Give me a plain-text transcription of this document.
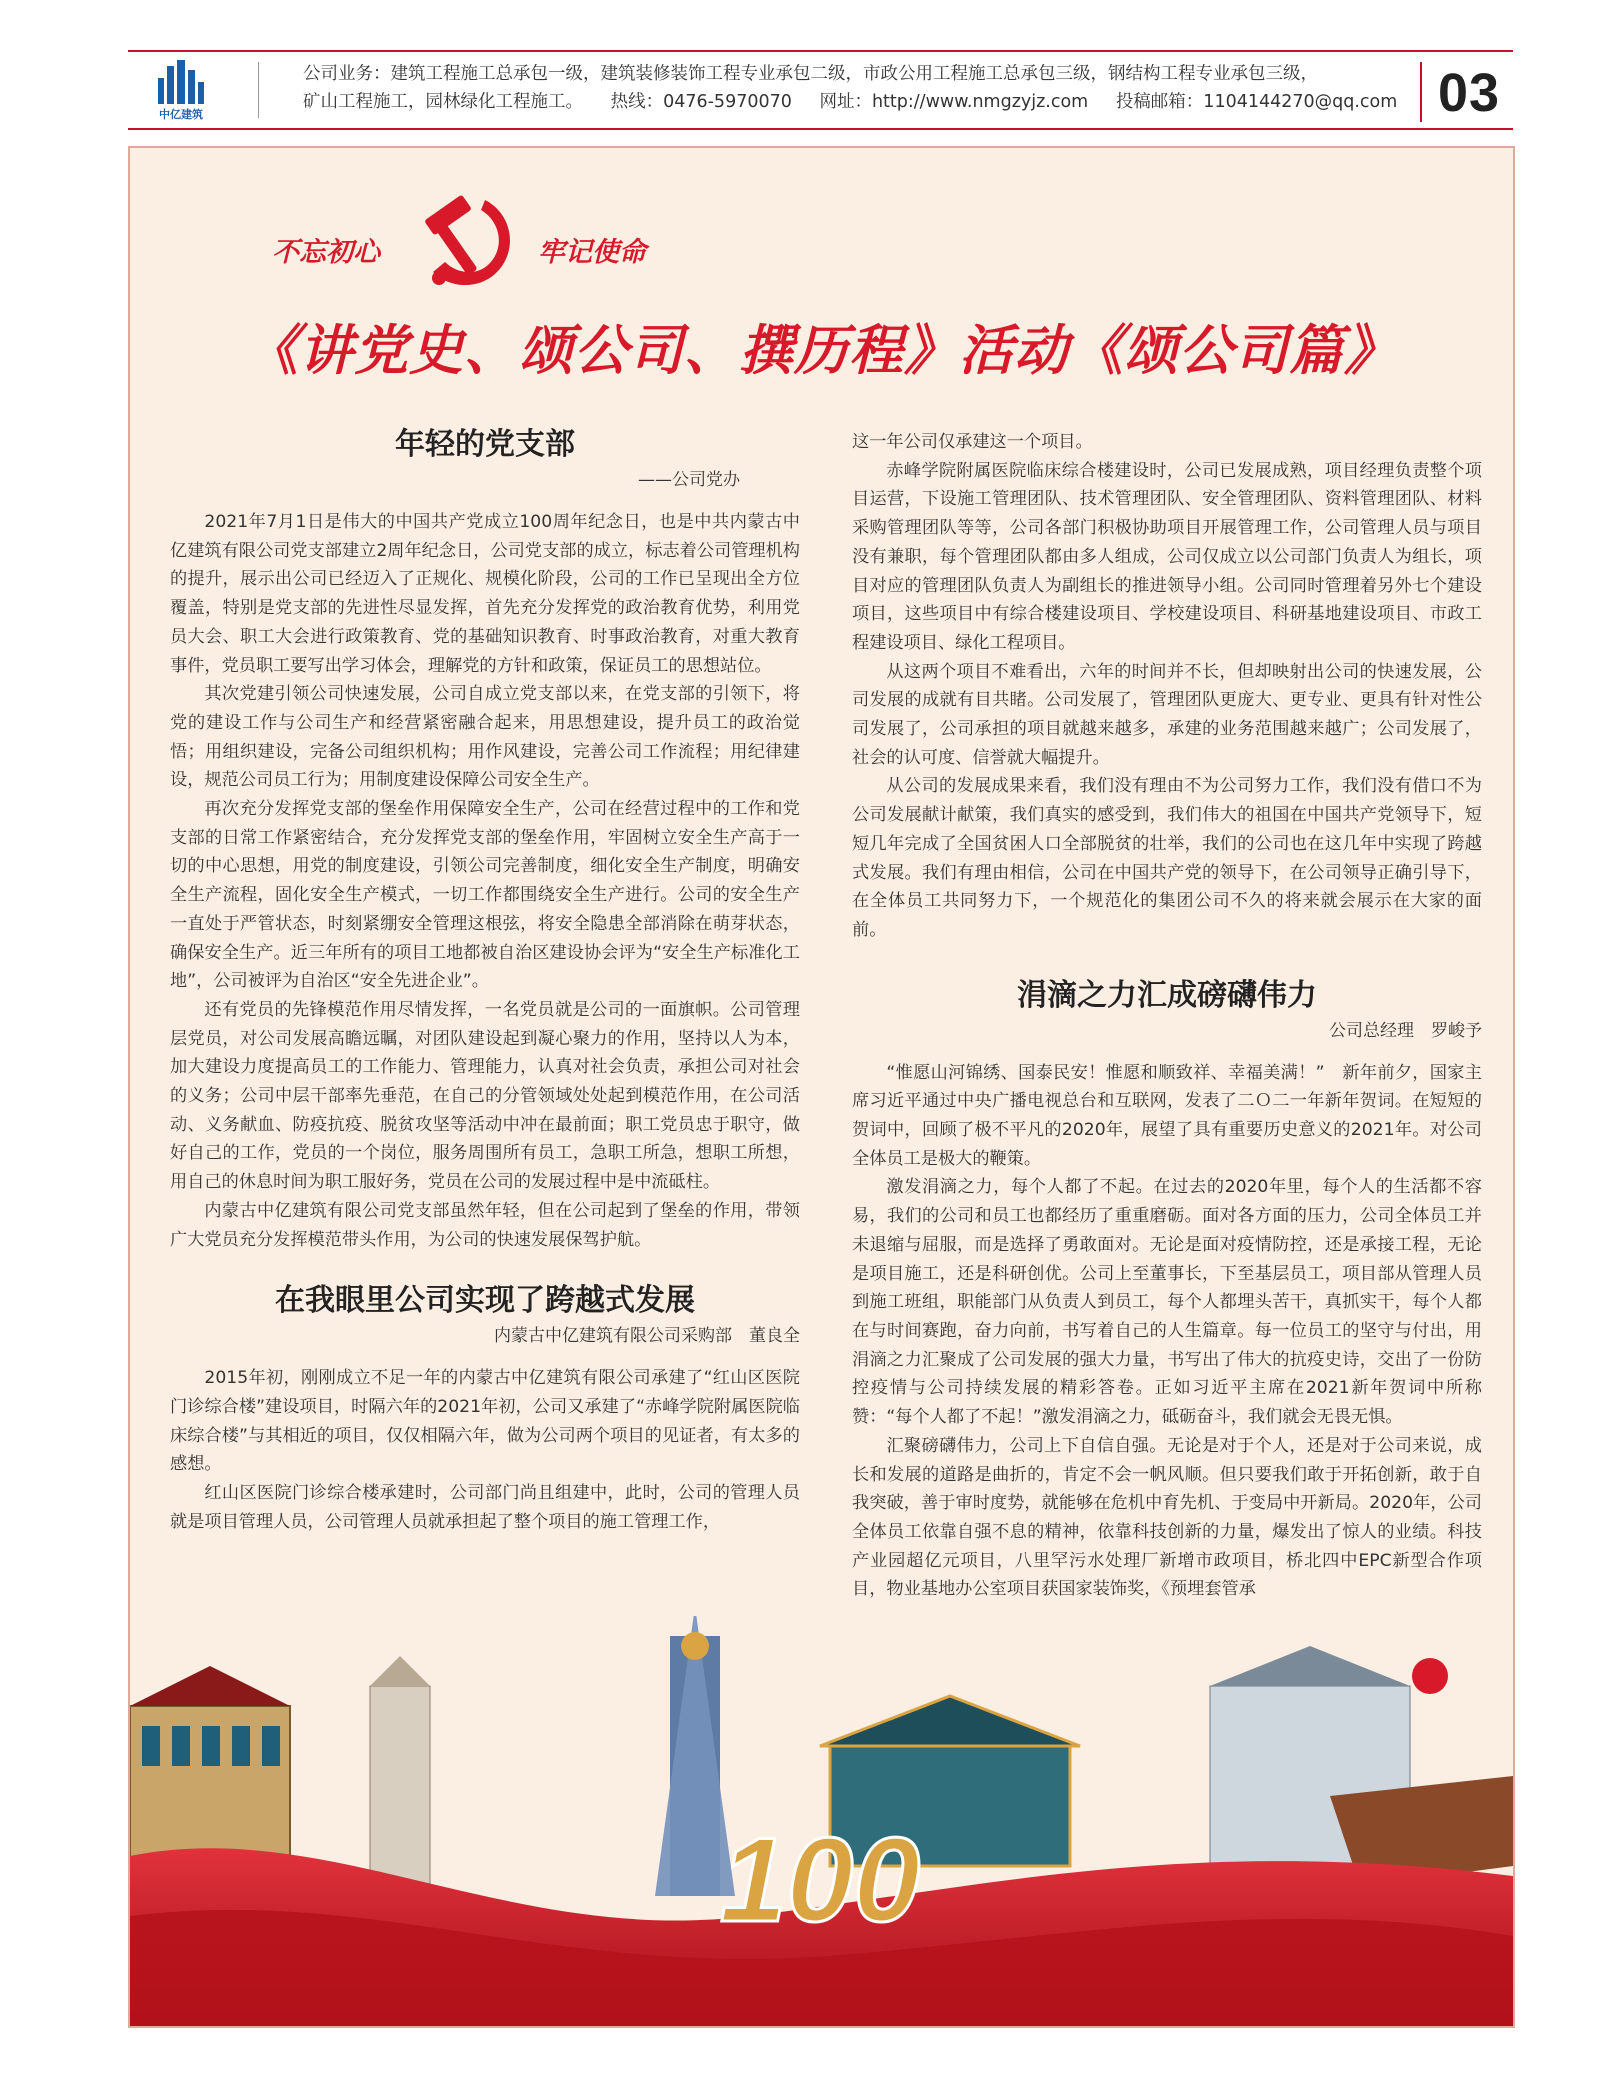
中亿建筑
公司业务：建筑工程施工总承包一级，建筑装修装饰工程专业承包二级，市政公用工程施工总承包三级，钢结构工程专业承包三级，
矿山工程施工，园林绿化工程施工。 热线：0476-5970070 网址：http://www.nmgzyjz.com 投稿邮箱：1104144270@qq.com 03
不忘初心	牢记使命
《讲党史、颂公司、撰历程》活动《颂公司篇》
年轻的党支部
——公司党办

2021年7月1日是伟大的中国共产党成立100周年纪念日，也是中共内蒙古中亿建筑有限公司党支部建立2周年纪念日，公司党支部的成立，标志着公司管理机构的提升，展示出公司已经迈入了正规化、规模化阶段，公司的工作已呈现出全方位覆盖，特别是党支部的先进性尽显发挥，首先充分发挥党的政治教育优势，利用党员大会、职工大会进行政策教育、党的基础知识教育、时事政治教育，对重大教育事件，党员职工要写出学习体会，理解党的方针和政策，保证员工的思想站位。

其次党建引领公司快速发展，公司自成立党支部以来，在党支部的引领下，将党的建设工作与公司生产和经营紧密融合起来，用思想建设，提升员工的政治觉悟；用组织建设，完备公司组织机构；用作风建设，完善公司工作流程；用纪律建设，规范公司员工行为；用制度建设保障公司安全生产。

再次充分发挥党支部的堡垒作用保障安全生产，公司在经营过程中的工作和党支部的日常工作紧密结合，充分发挥党支部的堡垒作用，牢固树立安全生产高于一切的中心思想，用党的制度建设，引领公司完善制度，细化安全生产制度，明确安全生产流程，固化安全生产模式，一切工作都围绕安全生产进行。公司的安全生产一直处于严管状态，时刻紧绷安全管理这根弦，将安全隐患全部消除在萌芽状态，确保安全生产。近三年所有的项目工地都被自治区建设协会评为“安全生产标准化工地”，公司被评为自治区“安全先进企业”。

还有党员的先锋模范作用尽情发挥，一名党员就是公司的一面旗帜。公司管理层党员，对公司发展高瞻远瞩，对团队建设起到凝心聚力的作用，坚持以人为本，加大建设力度提高员工的工作能力、管理能力，认真对社会负责，承担公司对社会的义务；公司中层干部率先垂范，在自己的分管领域处处起到模范作用，在公司活动、义务献血、防疫抗疫、脱贫攻坚等活动中冲在最前面；职工党员忠于职守，做好自己的工作，党员的一个岗位，服务周围所有员工，急职工所急，想职工所想，用自己的休息时间为职工服好务，党员在公司的发展过程中是中流砥柱。

内蒙古中亿建筑有限公司党支部虽然年轻，但在公司起到了堡垒的作用，带领广大党员充分发挥模范带头作用，为公司的快速发展保驾护航。

在我眼里公司实现了跨越式发展
内蒙古中亿建筑有限公司采购部　董良全

2015年初，刚刚成立不足一年的内蒙古中亿建筑有限公司承建了“红山区医院门诊综合楼”建设项目，时隔六年的2021年初，公司又承建了“赤峰学院附属医院临床综合楼”与其相近的项目，仅仅相隔六年，做为公司两个项目的见证者，有太多的感想。

红山区医院门诊综合楼承建时，公司部门尚且组建中，此时，公司的管理人员就是项目管理人员，公司管理人员就承担起了整个项目的施工管理工作，

这一年公司仅承建这一个项目。

赤峰学院附属医院临床综合楼建设时，公司已发展成熟，项目经理负责整个项目运营，下设施工管理团队、技术管理团队、安全管理团队、资料管理团队、材料采购管理团队等等，公司各部门积极协助项目开展管理工作，公司管理人员与项目没有兼职，每个管理团队都由多人组成，公司仅成立以公司部门负责人为组长，项目对应的管理团队负责人为副组长的推进领导小组。公司同时管理着另外七个建设项目，这些项目中有综合楼建设项目、学校建设项目、科研基地建设项目、市政工程建设项目、绿化工程项目。

从这两个项目不难看出，六年的时间并不长，但却映射出公司的快速发展，公司发展的成就有目共睹。公司发展了，管理团队更庞大、更专业、更具有针对性公司发展了，公司承担的项目就越来越多，承建的业务范围越来越广；公司发展了，社会的认可度、信誉就大幅提升。

从公司的发展成果来看，我们没有理由不为公司努力工作，我们没有借口不为公司发展献计献策，我们真实的感受到，我们伟大的祖国在中国共产党领导下，短短几年完成了全国贫困人口全部脱贫的壮举，我们的公司也在这几年中实现了跨越式发展。我们有理由相信，公司在中国共产党的领导下，在公司领导正确引导下，在全体员工共同努力下，一个规范化的集团公司不久的将来就会展示在大家的面前。

涓滴之力汇成磅礴伟力
公司总经理　罗峻予

“惟愿山河锦绣、国泰民安！惟愿和顺致祥、幸福美满！”　新年前夕，国家主席习近平通过中央广播电视总台和互联网，发表了二Ｏ二一年新年贺词。在短短的贺词中，回顾了极不平凡的2020年，展望了具有重要历史意义的2021年。对公司全体员工是极大的鞭策。

激发涓滴之力，每个人都了不起。在过去的2020年里，每个人的生活都不容易，我们的公司和员工也都经历了重重磨砺。面对各方面的压力，公司全体员工并未退缩与屈服，而是选择了勇敢面对。无论是面对疫情防控，还是承接工程，无论是项目施工，还是科研创优。公司上至董事长，下至基层员工，项目部从管理人员到施工班组，职能部门从负责人到员工，每个人都埋头苦干，真抓实干，每个人都在与时间赛跑，奋力向前，书写着自己的人生篇章。每一位员工的坚守与付出，用涓滴之力汇聚成了公司发展的强大力量，书写出了伟大的抗疫史诗，交出了一份防控疫情与公司持续发展的精彩答卷。正如习近平主席在2021新年贺词中所称赞：“每个人都了不起！”激发涓滴之力，砥砺奋斗，我们就会无畏无惧。

汇聚磅礴伟力，公司上下自信自强。无论是对于个人，还是对于公司来说，成长和发展的道路是曲折的，肯定不会一帆风顺。但只要我们敢于开拓创新，敢于自我突破，善于审时度势，就能够在危机中育先机、于变局中开新局。2020年，公司全体员工依靠自强不息的精神，依靠科技创新的力量，爆发出了惊人的业绩。科技产业园超亿元项目，八里罕污水处理厂新增市政项目，桥北四中EPC新型合作项目，物业基地办公室项目获国家装饰奖，《预埋套管承

100
